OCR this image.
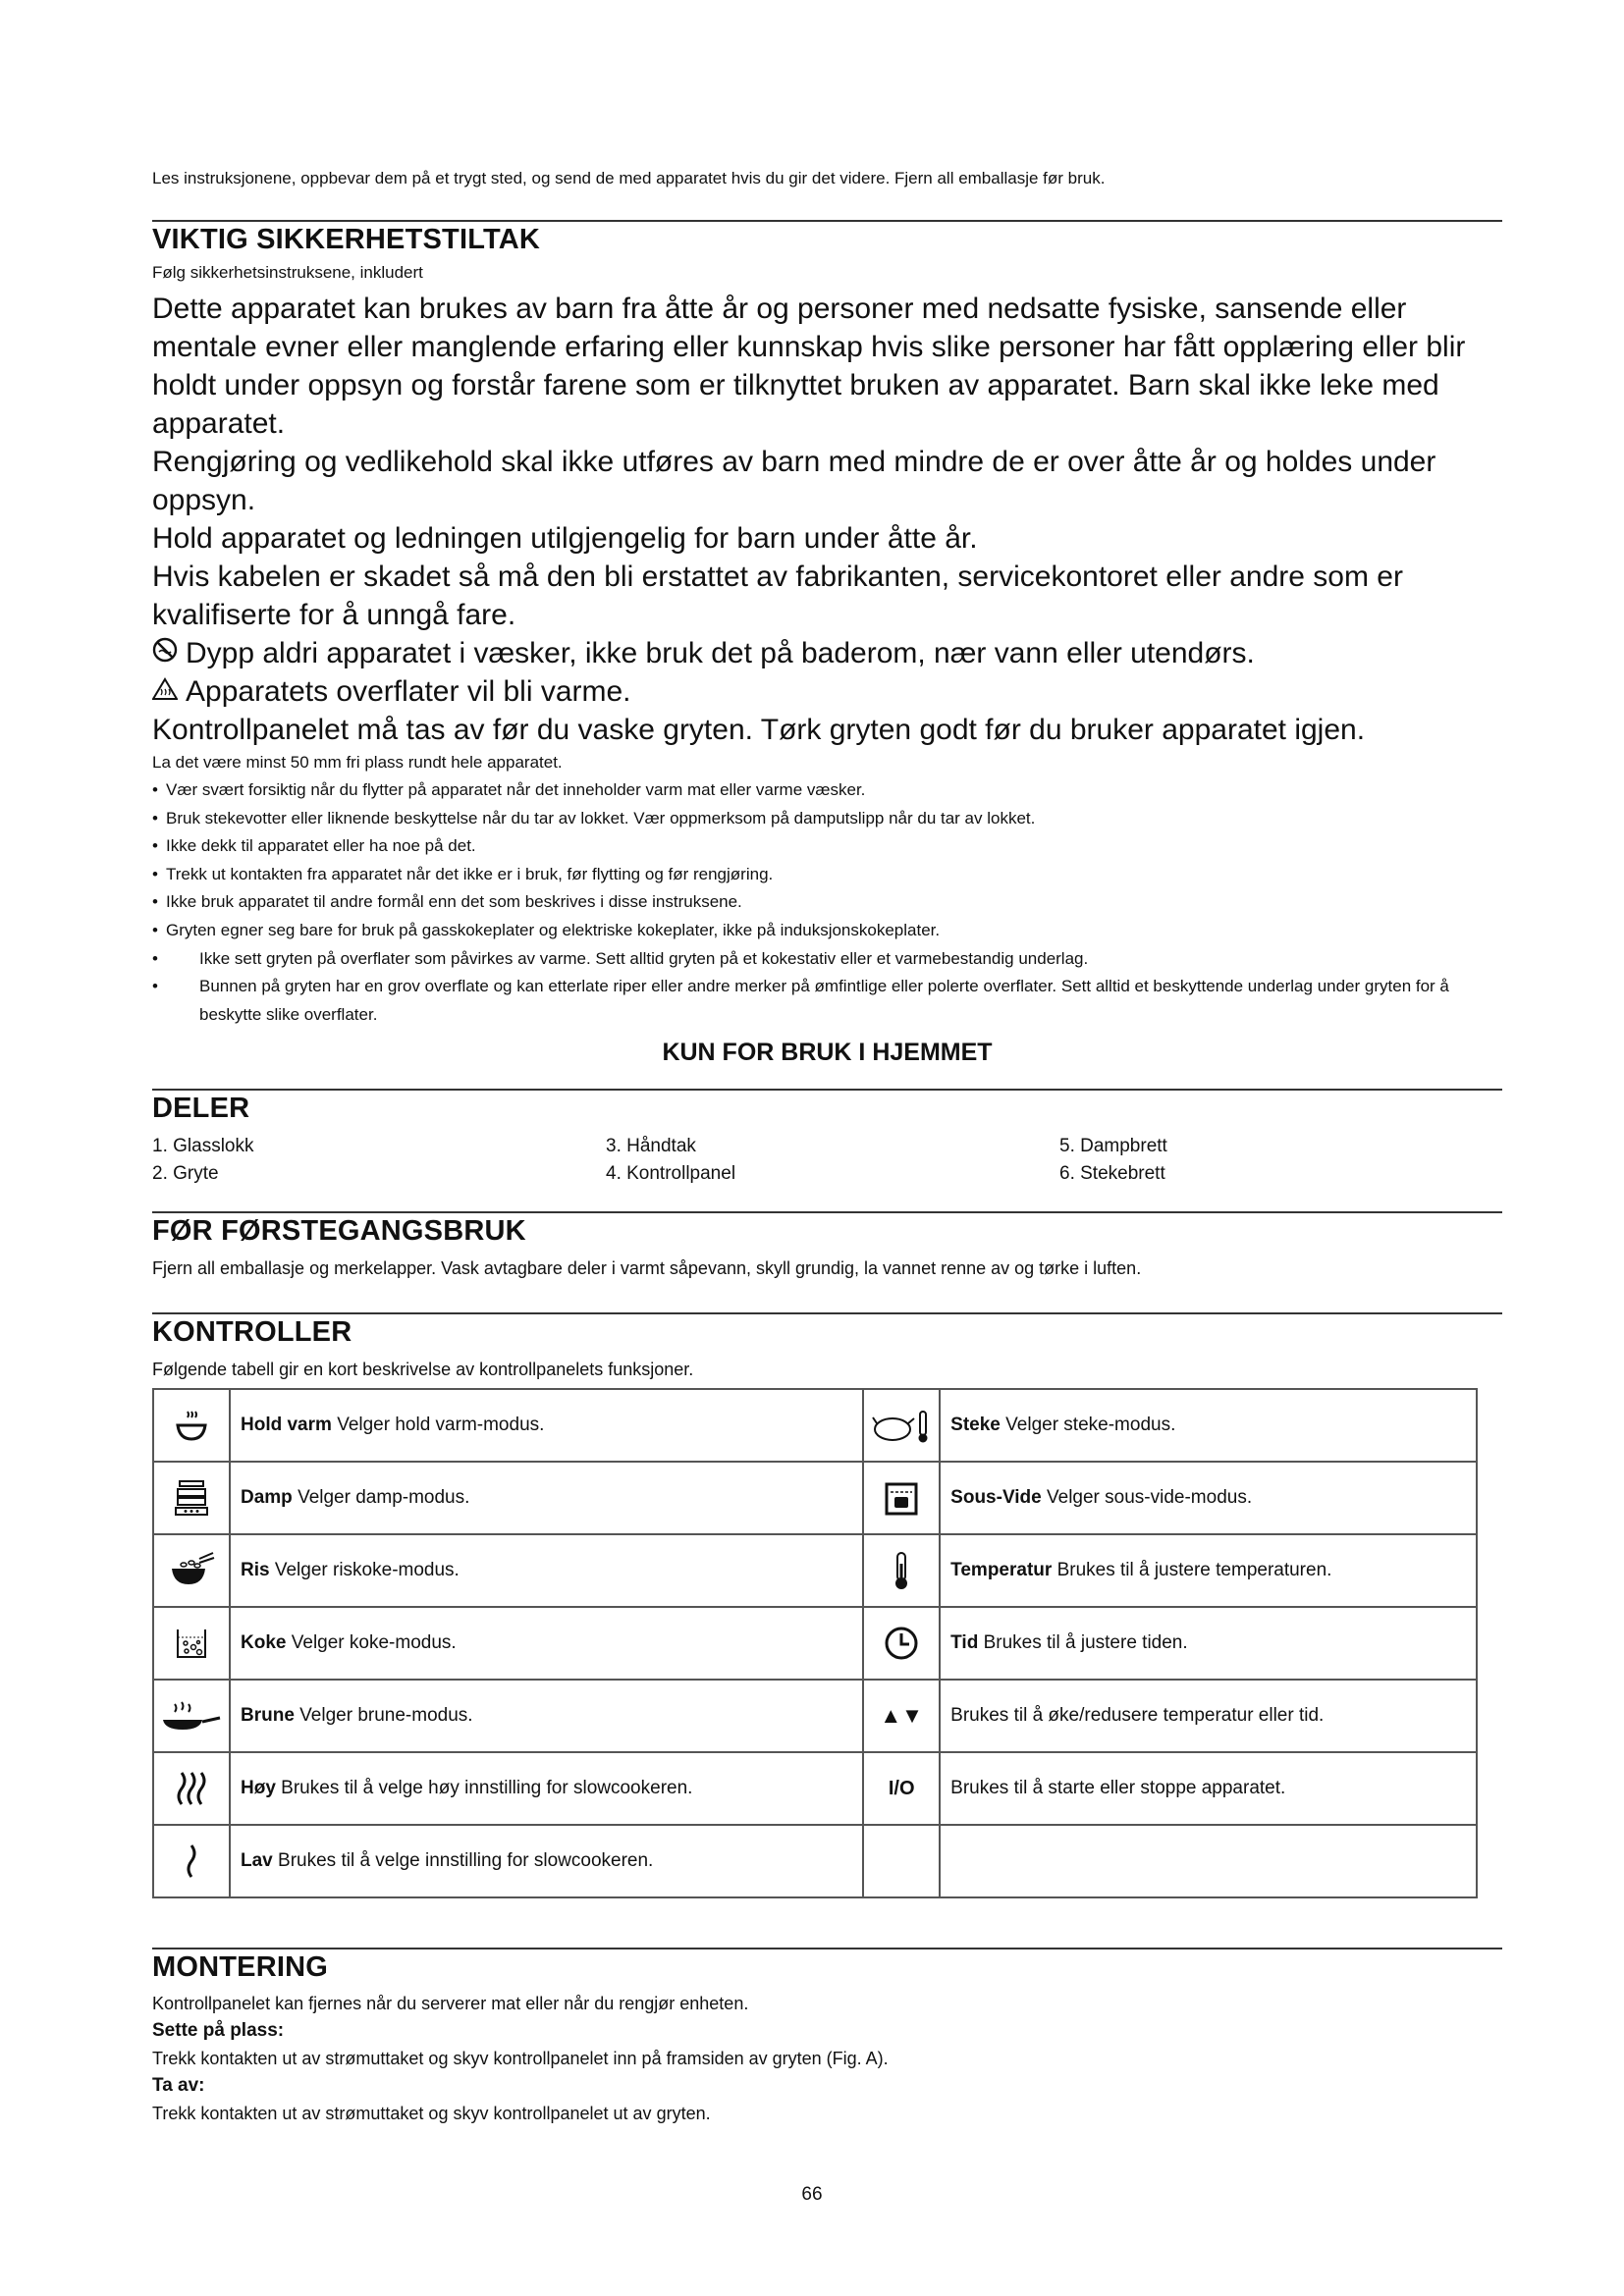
Les instruksjonene, oppbevar dem på et trygt sted, og send de med apparatet hvis du gir det videre. Fjern all emballasje før bruk.

VIKTIG SIKKERHETSTILTAK

Følg sikkerhetsinstruksene, inkludert

Dette apparatet kan brukes av barn fra åtte år og personer med nedsatte fysiske, sansende eller mentale evner eller manglende erfaring eller kunnskap hvis slike personer har fått opplæring eller blir holdt under oppsyn og forstår farene som er tilknyttet bruken av apparatet. Barn skal ikke leke med apparatet.

Rengjøring og vedlikehold skal ikke utføres av barn med mindre de er over åtte år og holdes under oppsyn.

Hold apparatet og ledningen utilgjengelig for barn under åtte år.

Hvis kabelen er skadet så må den bli erstattet av fabrikanten, servicekontoret eller andre som er kvalifiserte for å unngå fare.

Dypp aldri apparatet i væsker, ikke bruk det på baderom, nær vann eller utendørs.

Apparatets overflater vil bli varme.

Kontrollpanelet må tas av før du vaske gryten. Tørk gryten godt før du bruker apparatet igjen.

La det være minst 50 mm fri plass rundt hele apparatet.

• Vær svært forsiktig når du flytter på apparatet når det inneholder varm mat eller varme væsker.
• Bruk stekevotter eller liknende beskyttelse når du tar av lokket. Vær oppmerksom på damputslipp når du tar av lokket.
• Ikke dekk til apparatet eller ha noe på det.
• Trekk ut kontakten fra apparatet når det ikke er i bruk, før flytting og før rengjøring.
• Ikke bruk apparatet til andre formål enn det som beskrives i disse instruksene.
• Gryten egner seg bare for bruk på gasskokeplater og elektriske kokeplater, ikke på induksjonskokeplater.
• Ikke sett gryten på overflater som påvirkes av varme. Sett alltid gryten på et kokestativ eller et varmebestandig underlag.
• Bunnen på gryten har en grov overflate og kan etterlate riper eller andre merker på ømfintlige eller polerte overflater. Sett alltid et beskyttende underlag under gryten for å beskytte slike overflater.
KUN FOR BRUK I HJEMMET
DELER
1. Glasslokk	3. Håndtak	5. Dampbrett
2. Gryte	4. Kontrollpanel	6. Stekebrett
FØR FØRSTEGANGSBRUK

Fjern all emballasje og merkelapper. Vask avtagbare deler i varmt såpevann, skyll grundig, la vannet renne av og tørke i luften.

KONTROLLER

Følgende tabell gir en kort beskrivelse av kontrollpanelets funksjoner.

	Hold varm Velger hold varm-modus.		Steke Velger steke-modus.

	Damp Velger damp-modus.		Sous-Vide Velger sous-vide-modus.

	Ris Velger riskoke-modus.		Temperatur Brukes til å justere temperaturen.

	Koke Velger koke-modus.		Tid Brukes til å justere tiden.

	Brune Velger brune-modus.	▲▼	Brukes til å øke/redusere temperatur eller tid.

	Høy Brukes til å velge høy innstilling for slowcookeren.	I/O	Brukes til å starte eller stoppe apparatet.

	Lav Brukes til å velge innstilling for slowcookeren.		
MONTERING

Kontrollpanelet kan fjernes når du serverer mat eller når du rengjør enheten.

Sette på plass:

Trekk kontakten ut av strømuttaket og skyv kontrollpanelet inn på framsiden av gryten (Fig. A).

Ta av:

Trekk kontakten ut av strømuttaket og skyv kontrollpanelet ut av gryten.

66
